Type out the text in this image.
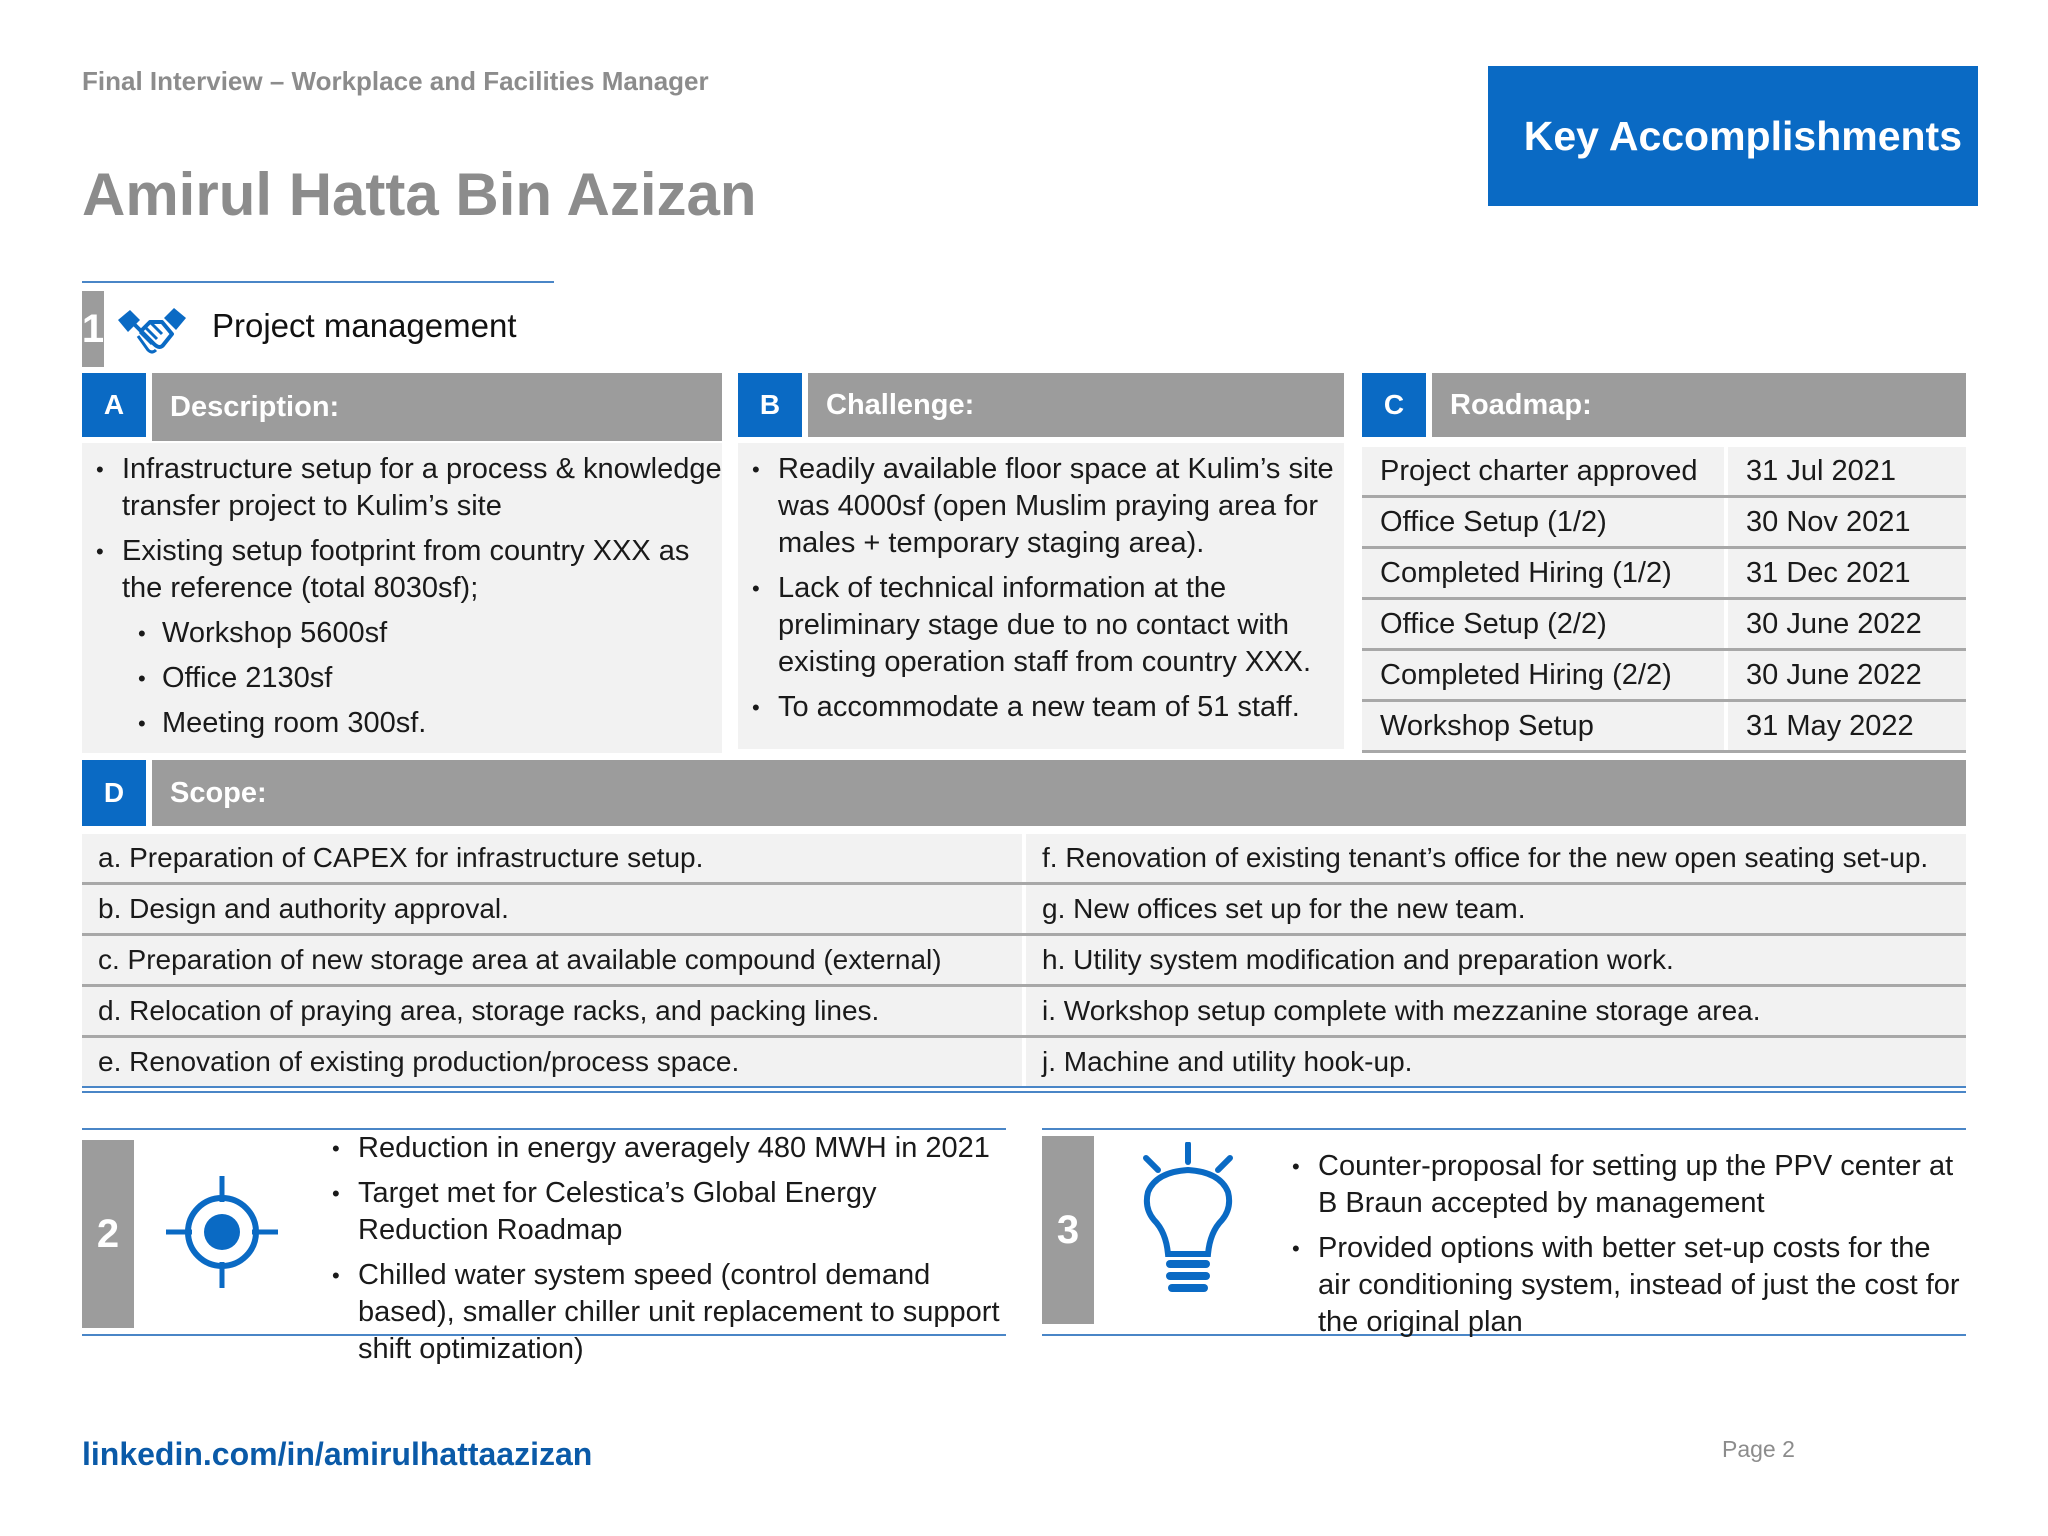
Final Interview – Workplace and Facilities Manager
Amirul Hatta Bin Azizan
Key Accomplishments
1	Project management
A	Description:
• Infrastructure setup for a process & knowledge transfer project to Kulim’s site
• Existing setup footprint from country XXX as the reference (total 8030sf);
• Workshop 5600sf
• Office 2130sf
• Meeting room 300sf.
B	Challenge:
• Readily available floor space at Kulim’s site was 4000sf (open Muslim praying area for males + temporary staging area).
• Lack of technical information at the preliminary stage due to no contact with existing operation staff from country XXX.
• To accommodate a new team of 51 staff.
C	Roadmap:
Project charter approved	31 Jul 2021
Office Setup (1/2)	30 Nov 2021
Completed Hiring (1/2)	31 Dec 2021
Office Setup (2/2)	30 June 2022
Completed Hiring (2/2)	30 June 2022
Workshop Setup	31 May 2022
D	Scope:
a. Preparation of CAPEX for infrastructure setup.	f. Renovation of existing tenant’s office for the new open seating set-up.
b. Design and authority approval.	g. New offices set up for the new team.
c. Preparation of new storage area at available compound (external)	h. Utility system modification and preparation work.
d. Relocation of praying area, storage racks, and packing lines.	i. Workshop setup complete with mezzanine storage area.
e. Renovation of existing production/process space.	j. Machine and utility hook-up.
2
• Reduction in energy averagely 480 MWH in 2021
• Target met for Celestica’s Global Energy Reduction Roadmap
• Chilled water system speed (control demand based), smaller chiller unit replacement to support shift optimization)
3
• Counter-proposal for setting up the PPV center at B Braun accepted by management
• Provided options with better set-up costs for the air conditioning system, instead of just the cost for the original plan
linkedin.com/in/amirulhattaazizan	Page 2
